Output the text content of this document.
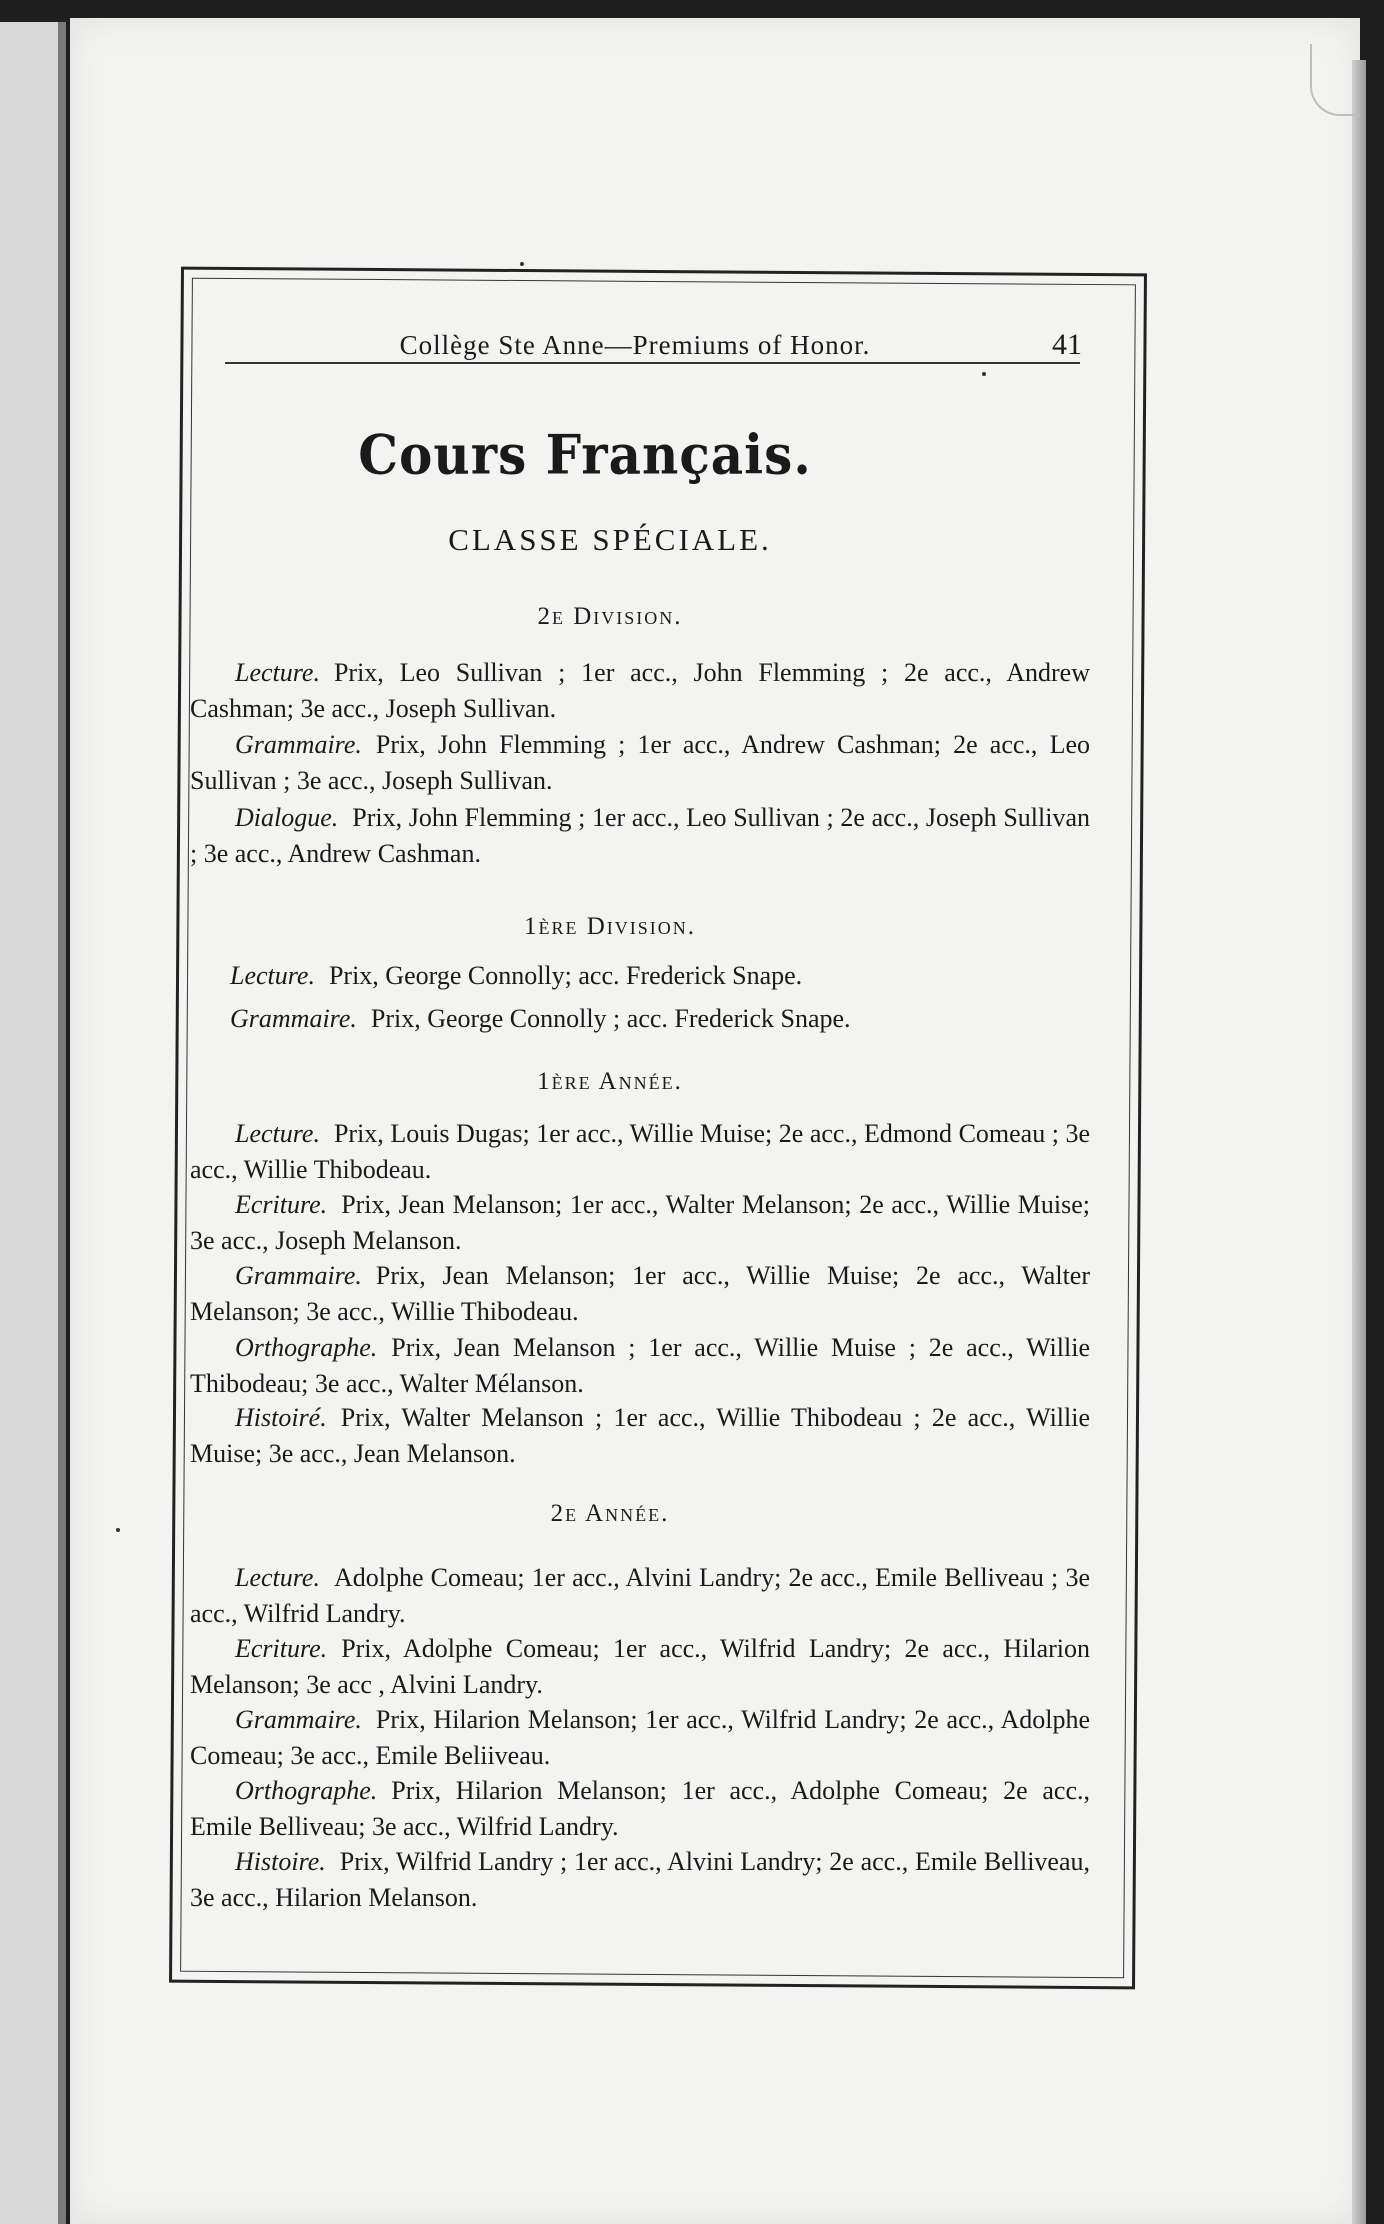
Collège Ste Anne—Premiums of Honor.	41
Cours Français.
CLASSE SPÉCIALE.
2e Division.
Lecture. Prix, Leo Sullivan ; 1er acc., John Flemming ; 2e acc., Andrew Cashman; 3e acc., Joseph Sullivan.
Grammaire. Prix, John Flemming ; 1er acc., Andrew Cashman; 2e acc., Leo Sullivan ; 3e acc., Joseph Sullivan.
Dialogue. Prix, John Flemming ; 1er acc., Leo Sullivan ; 2e acc., Joseph Sullivan ; 3e acc., Andrew Cashman.
1ère Division.
Lecture. Prix, George Connolly; acc. Frederick Snape.
Grammaire. Prix, George Connolly ; acc. Frederick Snape.
1ère Année.
Lecture. Prix, Louis Dugas; 1er acc., Willie Muise; 2e acc., Edmond Comeau ; 3e acc., Willie Thibodeau.
Ecriture. Prix, Jean Melanson; 1er acc., Walter Melanson; 2e acc., Willie Muise; 3e acc., Joseph Melanson.
Grammaire. Prix, Jean Melanson; 1er acc., Willie Muise; 2e acc., Walter Melanson; 3e acc., Willie Thibodeau.
Orthographe. Prix, Jean Melanson ; 1er acc., Willie Muise ; 2e acc., Willie Thibodeau; 3e acc., Walter Mélanson.
Histoiré. Prix, Walter Melanson ; 1er acc., Willie Thibodeau ; 2e acc., Willie Muise; 3e acc., Jean Melanson.
2e Année.
Lecture. Adolphe Comeau; 1er acc., Alvini Landry; 2e acc., Emile Belliveau ; 3e acc., Wilfrid Landry.
Ecriture. Prix, Adolphe Comeau; 1er acc., Wilfrid Landry; 2e acc., Hilarion Melanson; 3e acc , Alvini Landry.
Grammaire. Prix, Hilarion Melanson; 1er acc., Wilfrid Landry; 2e acc., Adolphe Comeau; 3e acc., Emile Beliiveau.
Orthographe. Prix, Hilarion Melanson; 1er acc., Adolphe Comeau; 2e acc., Emile Belliveau; 3e acc., Wilfrid Landry.
Histoire. Prix, Wilfrid Landry ; 1er acc., Alvini Landry; 2e acc., Emile Belliveau, 3e acc., Hilarion Melanson.
